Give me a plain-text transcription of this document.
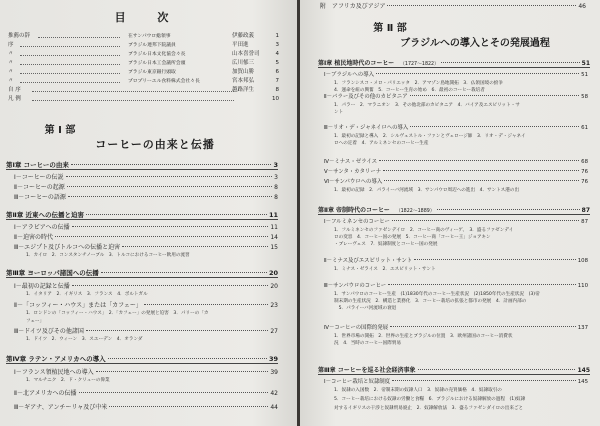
目 次
推薦の辞	在サンパウロ総領事	伊藤政義	1
序	ブラジル連邦下院議員	平田進	3
〃	ブラジル日本文化協会々長	山本喜誉司	4
〃	ブラジル日本工会議所会頭	広川郁三	5
〃	ブラジル東京銀行頭取	加賀山勝	6
〃	プロプリーエル食料株式会社々長	宮本邦弘	7
自 序	越路洋生	8
凡 例	10
第 Ⅰ 部
コーヒーの由来と伝播
第Ⅰ章 コーヒーの由来	3
Ⅰ－コーヒーの伝説	3
Ⅱ－コーヒーの起源	8
Ⅲ－コーヒーの語源	8
第Ⅱ章 近東への伝播と迫害	11
Ⅰ－アラビアへの伝播	11
Ⅱ－迫害の時代	14
Ⅲ－エジプト及びトルコへの伝播と迫害	15
1．カイロ　2．コンスタンチノーブル　3．トルコにおけるコーヒー飲用の流習
第Ⅲ章 ヨーロッパ諸国への伝播	20
Ⅰ－最初の記録と伝播	20
1．イタリア　2．イギリス　3．フランス　4．ポルトガル
Ⅱ－「コッフィー・ハウス」または「カフェー」	23
1．ロンドンの「コッフィー・ハウス」　2．「カフェー」の発展と迫害　3．パリーの「カ
フェー」
Ⅲ－ドイツ及びその他諸国	27
1．ドイツ　2．ウィーン　3．スエーデン　4．オランダ
第Ⅳ章 ラテン・アメリカへの導入	39
Ⅰ－フランス領植民地への導入	39
1．マルチニク　2．ド・クリューの偉業
Ⅱ－北アメリカへの伝播	42
Ⅲ－ギアナ、アンチーリャ及び中米	44
附　アフリカ及びアジア	46
第 Ⅱ 部
ブラジルへの導入とその発展過程
第Ⅰ章 植民地時代のコーヒー （1727～1822）	51
Ⅰ－ブラジルへの導入	51
1．フランシスコ・メロ・パリエッタ　2．アマゾン島地開拓　3．仏領国境の紛争
4．運命を紐の興奮　5．コーヒー生育の始め　6．最初のコーヒー栽培者
Ⅱ－パラー及びその他のカピタニア	58
1．パラー　2．マラニオン　3．その他北部のカピタニア　4．バイア及エスピリット・サ
ント
Ⅲ－リオ・デ・ジャネイロへの導入	61
1．最初の記録と導入　2．シルヴェストル・ファンとヴェロージ師　3．リオ・デ・ジャネイ
ロへの定着　4．アルミネンセのコーヒー生産
Ⅳ－ミナス・ゼライス	68
Ⅴ－サンタ・カタリーナ	76
Ⅵ－サンパウロへの導入	76
1．最初の記録　2．パライーバ河流域　3．サンパウロ周辺への進出　4．サントス港の出
第Ⅱ章 帝制時代のコーヒー （1822～1889）	87
Ⅰ－フルミネンセのコーヒー	87
1．フルミネンセのファゼンデイロ　2．コーヒー商のヴィーゲ、　3．盛るファゼンデイ
ロの変容　4．コーヒー国の発展　5．コーヒー商「コーヒー王」ジョアキン
・ブレーヴェス　7．奴隷制度とコーヒー国の発展
Ⅱ－ミナス及びエスピリット・サント	108
1．ミナス・ゼライス　2．エスピリット・サント
Ⅲ－サンパウロのコーヒー	110
1．サンパウロのコーヒー生産　(1)1830年代のコーヒー生産状況　(2)1850年代の生産状況　(3)帝
制末期の生産状況　2．構造と業務化　3．コーヒー栽培の拡張と都市の発展　4．計画内部の
　5．パライーバ河流域の衰退
Ⅳ－コーヒーの国際的発展	137
1．世界市場の開拓　2．世界の生産とブラジルの位置　3．欧州諸国のコーヒー消費状
況　4．当時のコーヒー国際貿易
第Ⅲ章 コーヒーを巡る社会経済事象	145
Ⅰ－コーヒー栽培と奴隷制度	145
1．奴隷の入国数　2．帝制末期の奴隷人口　3．奴隷の売買価格　4．奴隷取引の
5．コーヒー栽培における奴隷の労働と食糧　6．ブラジルにおける奴隷解放の過程　(1)奴隷
対するイギリスの干渉と奴隷貿易廃止　2．奴隷解放法　3．盛るファゼンダイロの出来ごと
